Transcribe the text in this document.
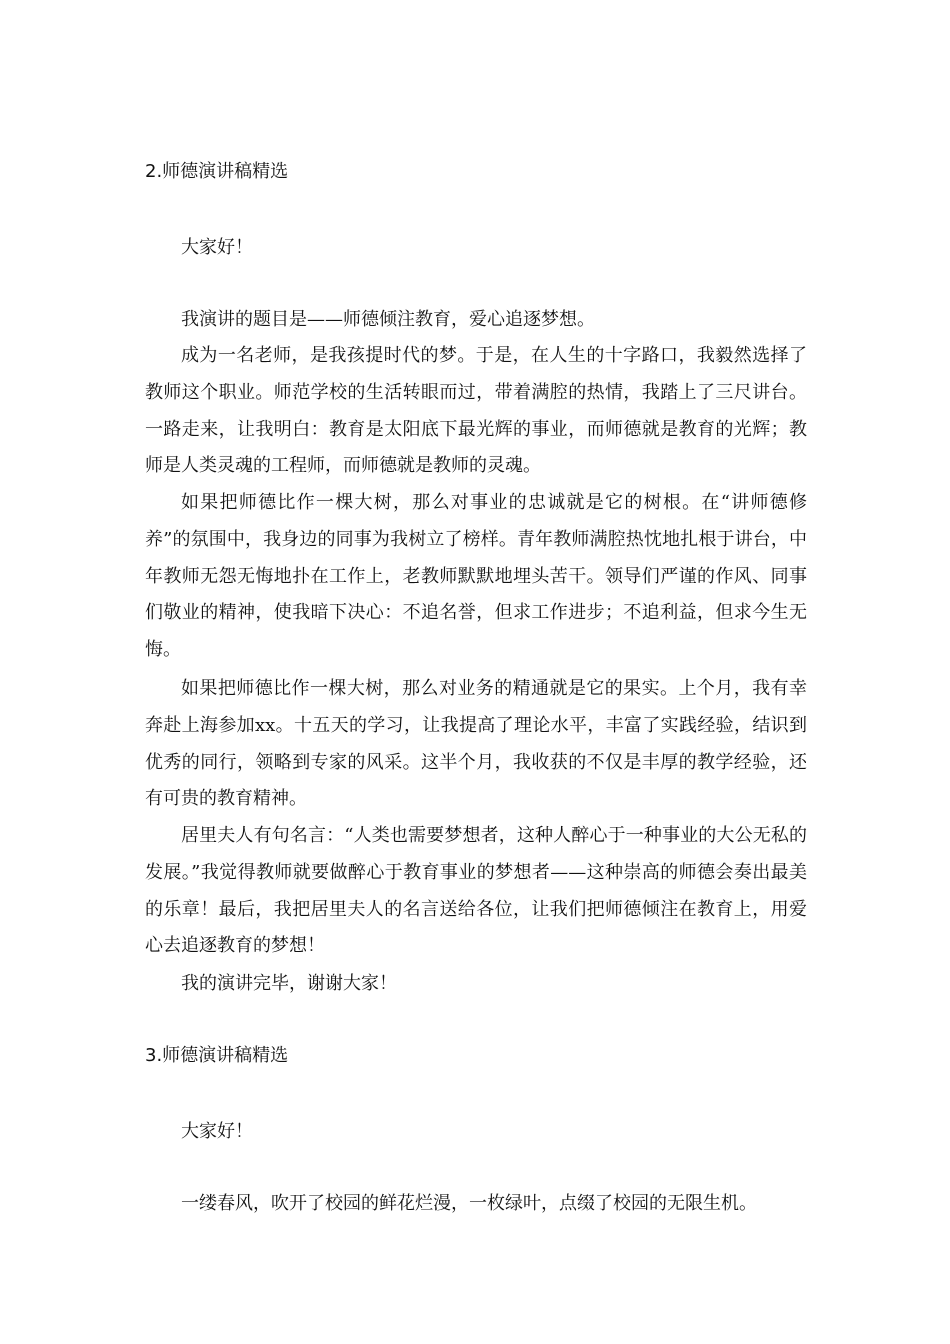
2.师德演讲稿精选
大家好！
我演讲的题目是——师德倾注教育，爱心追逐梦想。
成为一名老师，是我孩提时代的梦。于是，在人生的十字路口，我毅然选择了教师这个职业。师范学校的生活转眼而过，带着满腔的热情，我踏上了三尺讲台。一路走来，让我明白：教育是太阳底下最光辉的事业，而师德就是教育的光辉；教师是人类灵魂的工程师，而师德就是教师的灵魂。
如果把师德比作一棵大树，那么对事业的忠诚就是它的树根。在“讲师德修养”的氛围中，我身边的同事为我树立了榜样。青年教师满腔热忱地扎根于讲台，中年教师无怨无悔地扑在工作上，老教师默默地埋头苦干。领导们严谨的作风、同事们敬业的精神，使我暗下决心：不追名誉，但求工作进步；不追利益，但求今生无悔。
如果把师德比作一棵大树，那么对业务的精通就是它的果实。上个月，我有幸奔赴上海参加xx。十五天的学习，让我提高了理论水平，丰富了实践经验，结识到优秀的同行，领略到专家的风采。这半个月，我收获的不仅是丰厚的教学经验，还有可贵的教育精神。
居里夫人有句名言：“人类也需要梦想者，这种人醉心于一种事业的大公无私的发展。”我觉得教师就要做醉心于教育事业的梦想者——这种崇高的师德会奏出最美的乐章！最后，我把居里夫人的名言送给各位，让我们把师德倾注在教育上，用爱心去追逐教育的梦想！
我的演讲完毕，谢谢大家！
3.师德演讲稿精选
大家好！
一缕春风，吹开了校园的鲜花烂漫，一枚绿叶，点缀了校园的无限生机。
